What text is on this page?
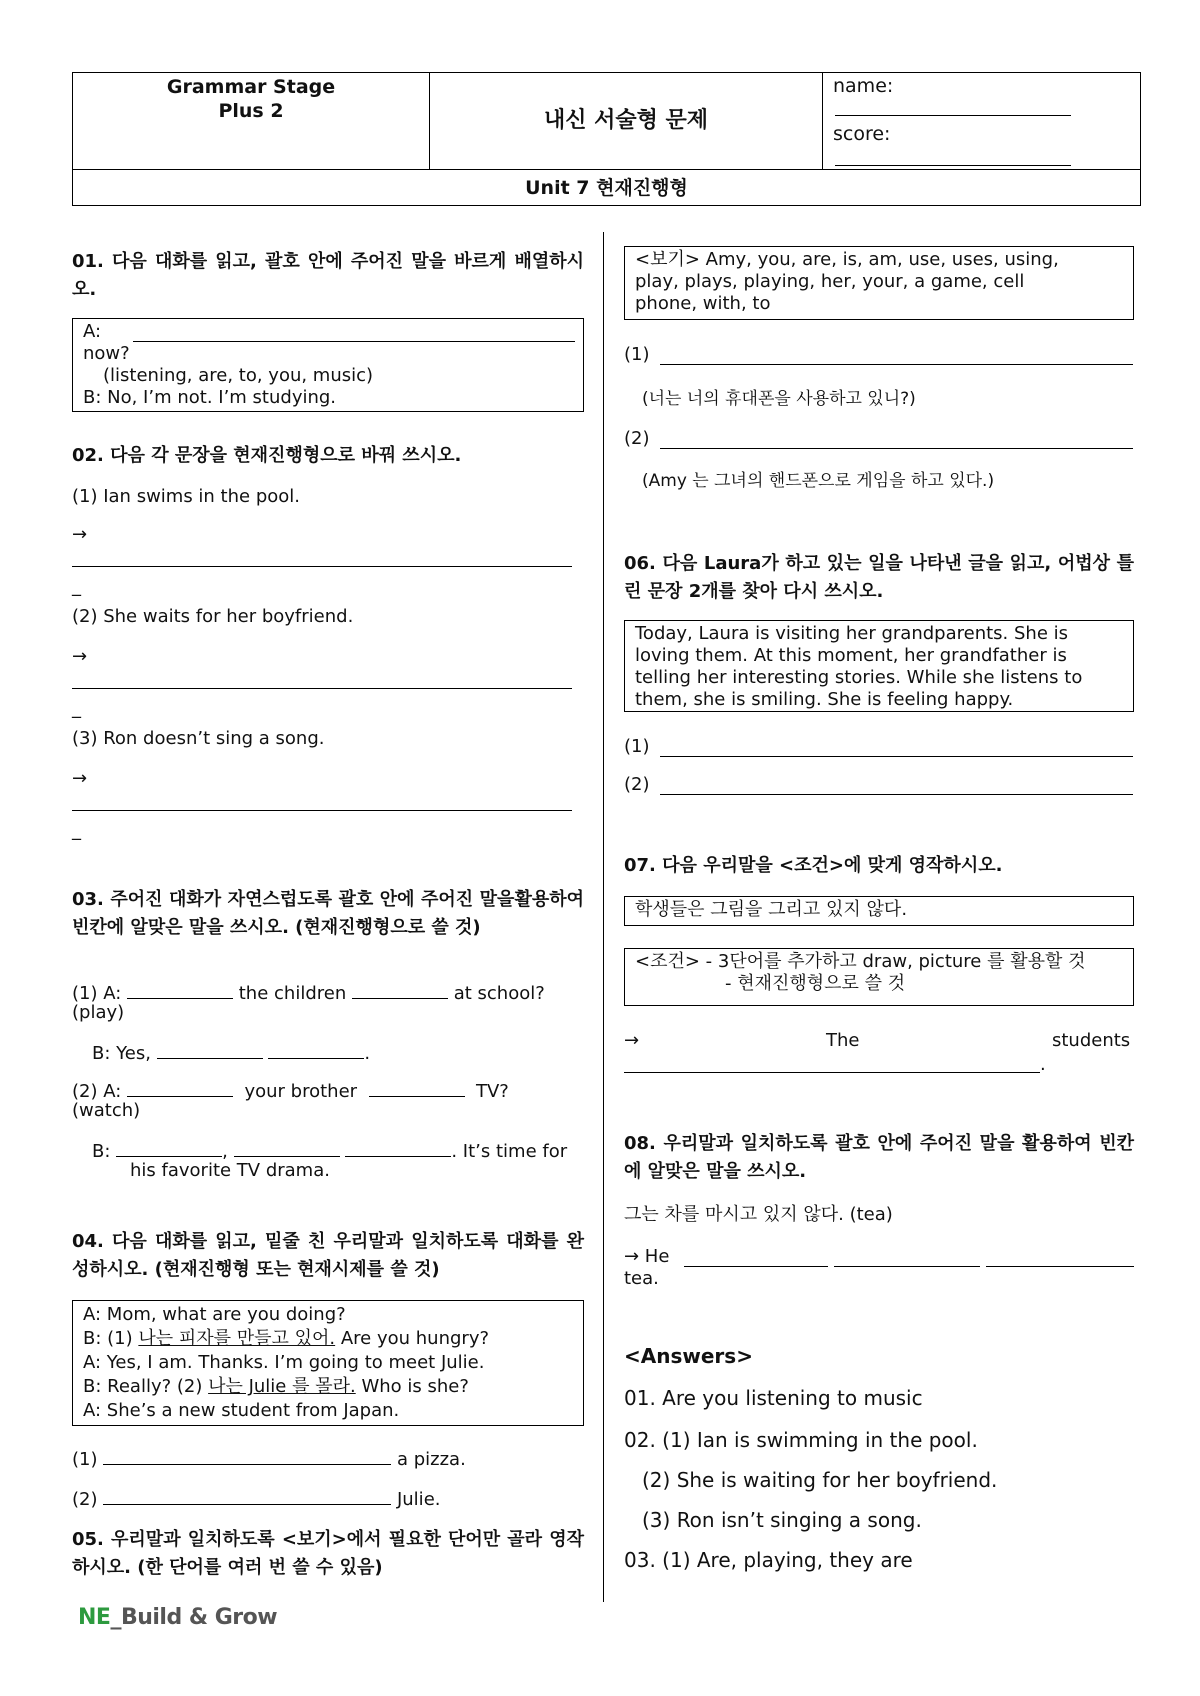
Grammar Stage
Plus 2	내신 서술형 문제
name:
score:
Unit 7 현재진행형
01. 다음 대화를 읽고, 괄호 안에 주어진 말을 바르게 배열하시오.
A:
now?
(listening, are, to, you, music)
B: No, I’m not. I’m studying.
02. 다음 각 문장을 현재진행형으로 바꿔 쓰시오.
(1) Ian swims in the pool.
→
_
(2) She waits for her boyfriend.
→
_
(3) Ron doesn’t sing a song.
→
_
03. 주어진 대화가 자연스럽도록 괄호 안에 주어진 말을활용하여 빈칸에 알맞은 말을 쓰시오. (현재진행형으로 쓸 것)
(1) A:	the children	at school?
(play)
B: Yes,	.
(2) A:	your brother	TV?
(watch)
B:	,	. It’s time for
his favorite TV drama.
04. 다음 대화를 읽고, 밑줄 친 우리말과 일치하도록 대화를 완성하시오. (현재진행형 또는 현재시제를 쓸 것)
A: Mom, what are you doing?
B: (1) 나는 피자를 만들고 있어. Are you hungry?
A: Yes, I am. Thanks. I’m going to meet Julie.
B: Really? (2) 나는 Julie 를 몰라. Who is she?
A: She’s a new student from Japan.
(1)	a pizza.
(2)	Julie.
05. 우리말과 일치하도록 <보기>에서 필요한 단어만 골라 영작하시오. (한 단어를 여러 번 쓸 수 있음)
<보기> Amy, you, are, is, am, use, uses, using,
play, plays, playing, her, your, a game, cell
phone, with, to
(1)
(너는 너의 휴대폰을 사용하고 있니?)
(2)
(Amy 는 그녀의 핸드폰으로 게임을 하고 있다.)
06. 다음 Laura가 하고 있는 일을 나타낸 글을 읽고, 어법상 틀린 문장 2개를 찾아 다시 쓰시오.
Today, Laura is visiting her grandparents. She is
loving them. At this moment, her grandfather is
telling her interesting stories. While she listens to
them, she is smiling. She is feeling happy.
(1)
(2)
07. 다음 우리말을 <조건>에 맞게 영작하시오.
학생들은 그림을 그리고 있지 않다.
<조건> - 3단어를 추가하고 draw, picture 를 활용할 것
- 현재진행형으로 쓸 것
→	The	students
.
08. 우리말과 일치하도록 괄호 안에 주어진 말을 활용하여 빈칸에 알맞은 말을 쓰시오.
그는 차를 마시고 있지 않다. (tea)
→ He
tea.
<Answers>
01. Are you listening to music
02. (1) Ian is swimming in the pool.
(2) She is waiting for her boyfriend.
(3) Ron isn’t singing a song.
03. (1) Are, playing, they are
NE_Build & Grow
